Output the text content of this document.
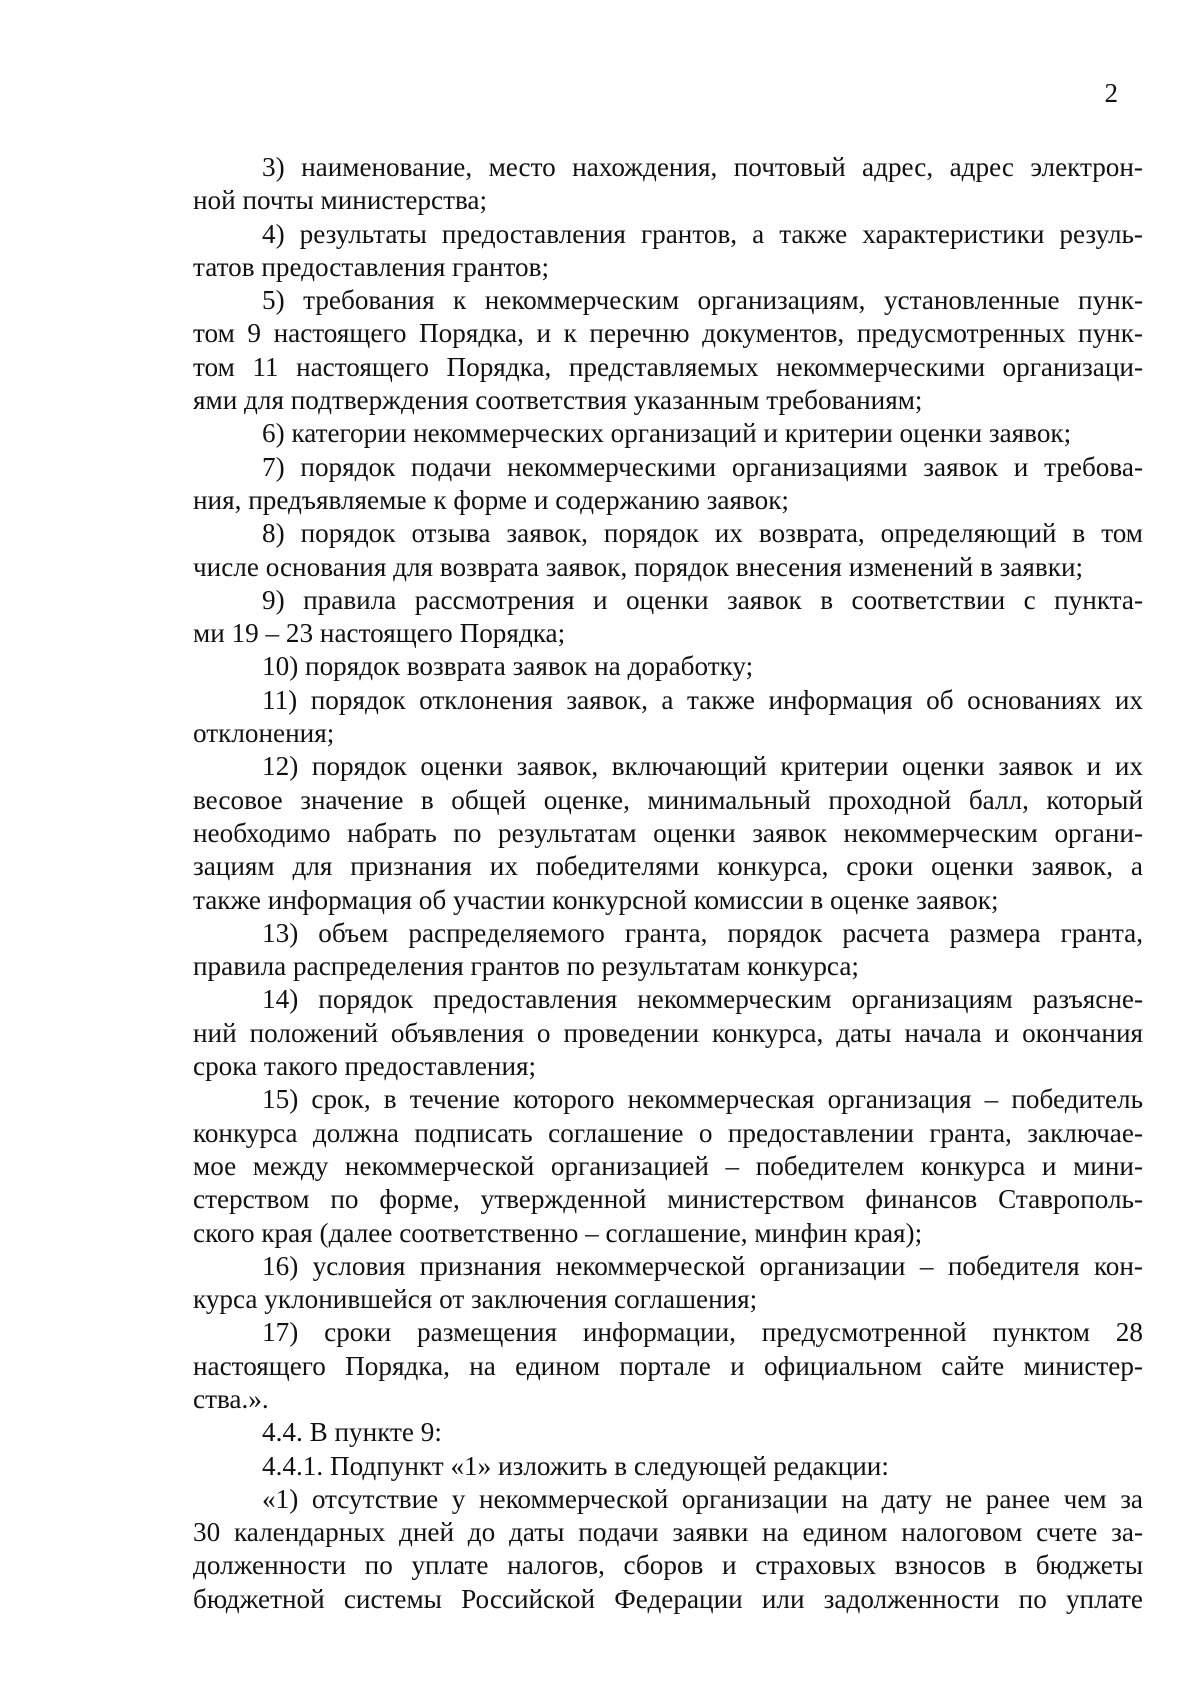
2
3) наименование, место нахождения, почтовый адрес, адрес электрон-
ной почты министерства;
4) результаты предоставления грантов, а также характеристики резуль-
татов предоставления грантов;
5) требования к некоммерческим организациям, установленные пунк-
том 9 настоящего Порядка, и к перечню документов, предусмотренных пунк-
том 11 настоящего Порядка, представляемых некоммерческими организаци-
ями для подтверждения соответствия указанным требованиям;
6) категории некоммерческих организаций и критерии оценки заявок;
7) порядок подачи некоммерческими организациями заявок и требова-
ния, предъявляемые к форме и содержанию заявок;
8) порядок отзыва заявок, порядок их возврата, определяющий в том
числе основания для возврата заявок, порядок внесения изменений в заявки;
9) правила рассмотрения и оценки заявок в соответствии с пункта-
ми 19 – 23 настоящего Порядка;
10) порядок возврата заявок на доработку;
11) порядок отклонения заявок, а также информация об основаниях их
отклонения;
12) порядок оценки заявок, включающий критерии оценки заявок и их
весовое значение в общей оценке, минимальный проходной балл, который
необходимо набрать по результатам оценки заявок некоммерческим органи-
зациям для признания их победителями конкурса, сроки оценки заявок, а
также информация об участии конкурсной комиссии в оценке заявок;
13) объем распределяемого гранта, порядок расчета размера гранта,
правила распределения грантов по результатам конкурса;
14) порядок предоставления некоммерческим организациям разъясне-
ний положений объявления о проведении конкурса, даты начала и окончания
срока такого предоставления;
15) срок, в течение которого некоммерческая организация – победитель
конкурса должна подписать соглашение о предоставлении гранта, заключае-
мое между некоммерческой организацией – победителем конкурса и мини-
стерством по форме, утвержденной министерством финансов Ставрополь-
ского края (далее соответственно – соглашение, минфин края);
16) условия признания некоммерческой организации – победителя кон-
курса уклонившейся от заключения соглашения;
17) сроки размещения информации, предусмотренной пунктом 28
настоящего Порядка, на едином портале и официальном сайте министер-
ства.».
4.4. В пункте 9:
4.4.1. Подпункт «1» изложить в следующей редакции:
«1) отсутствие у некоммерческой организации на дату не ранее чем за
30 календарных дней до даты подачи заявки на едином налоговом счете за-
долженности по уплате налогов, сборов и страховых взносов в бюджеты
бюджетной системы Российской Федерации или задолженности по уплате
